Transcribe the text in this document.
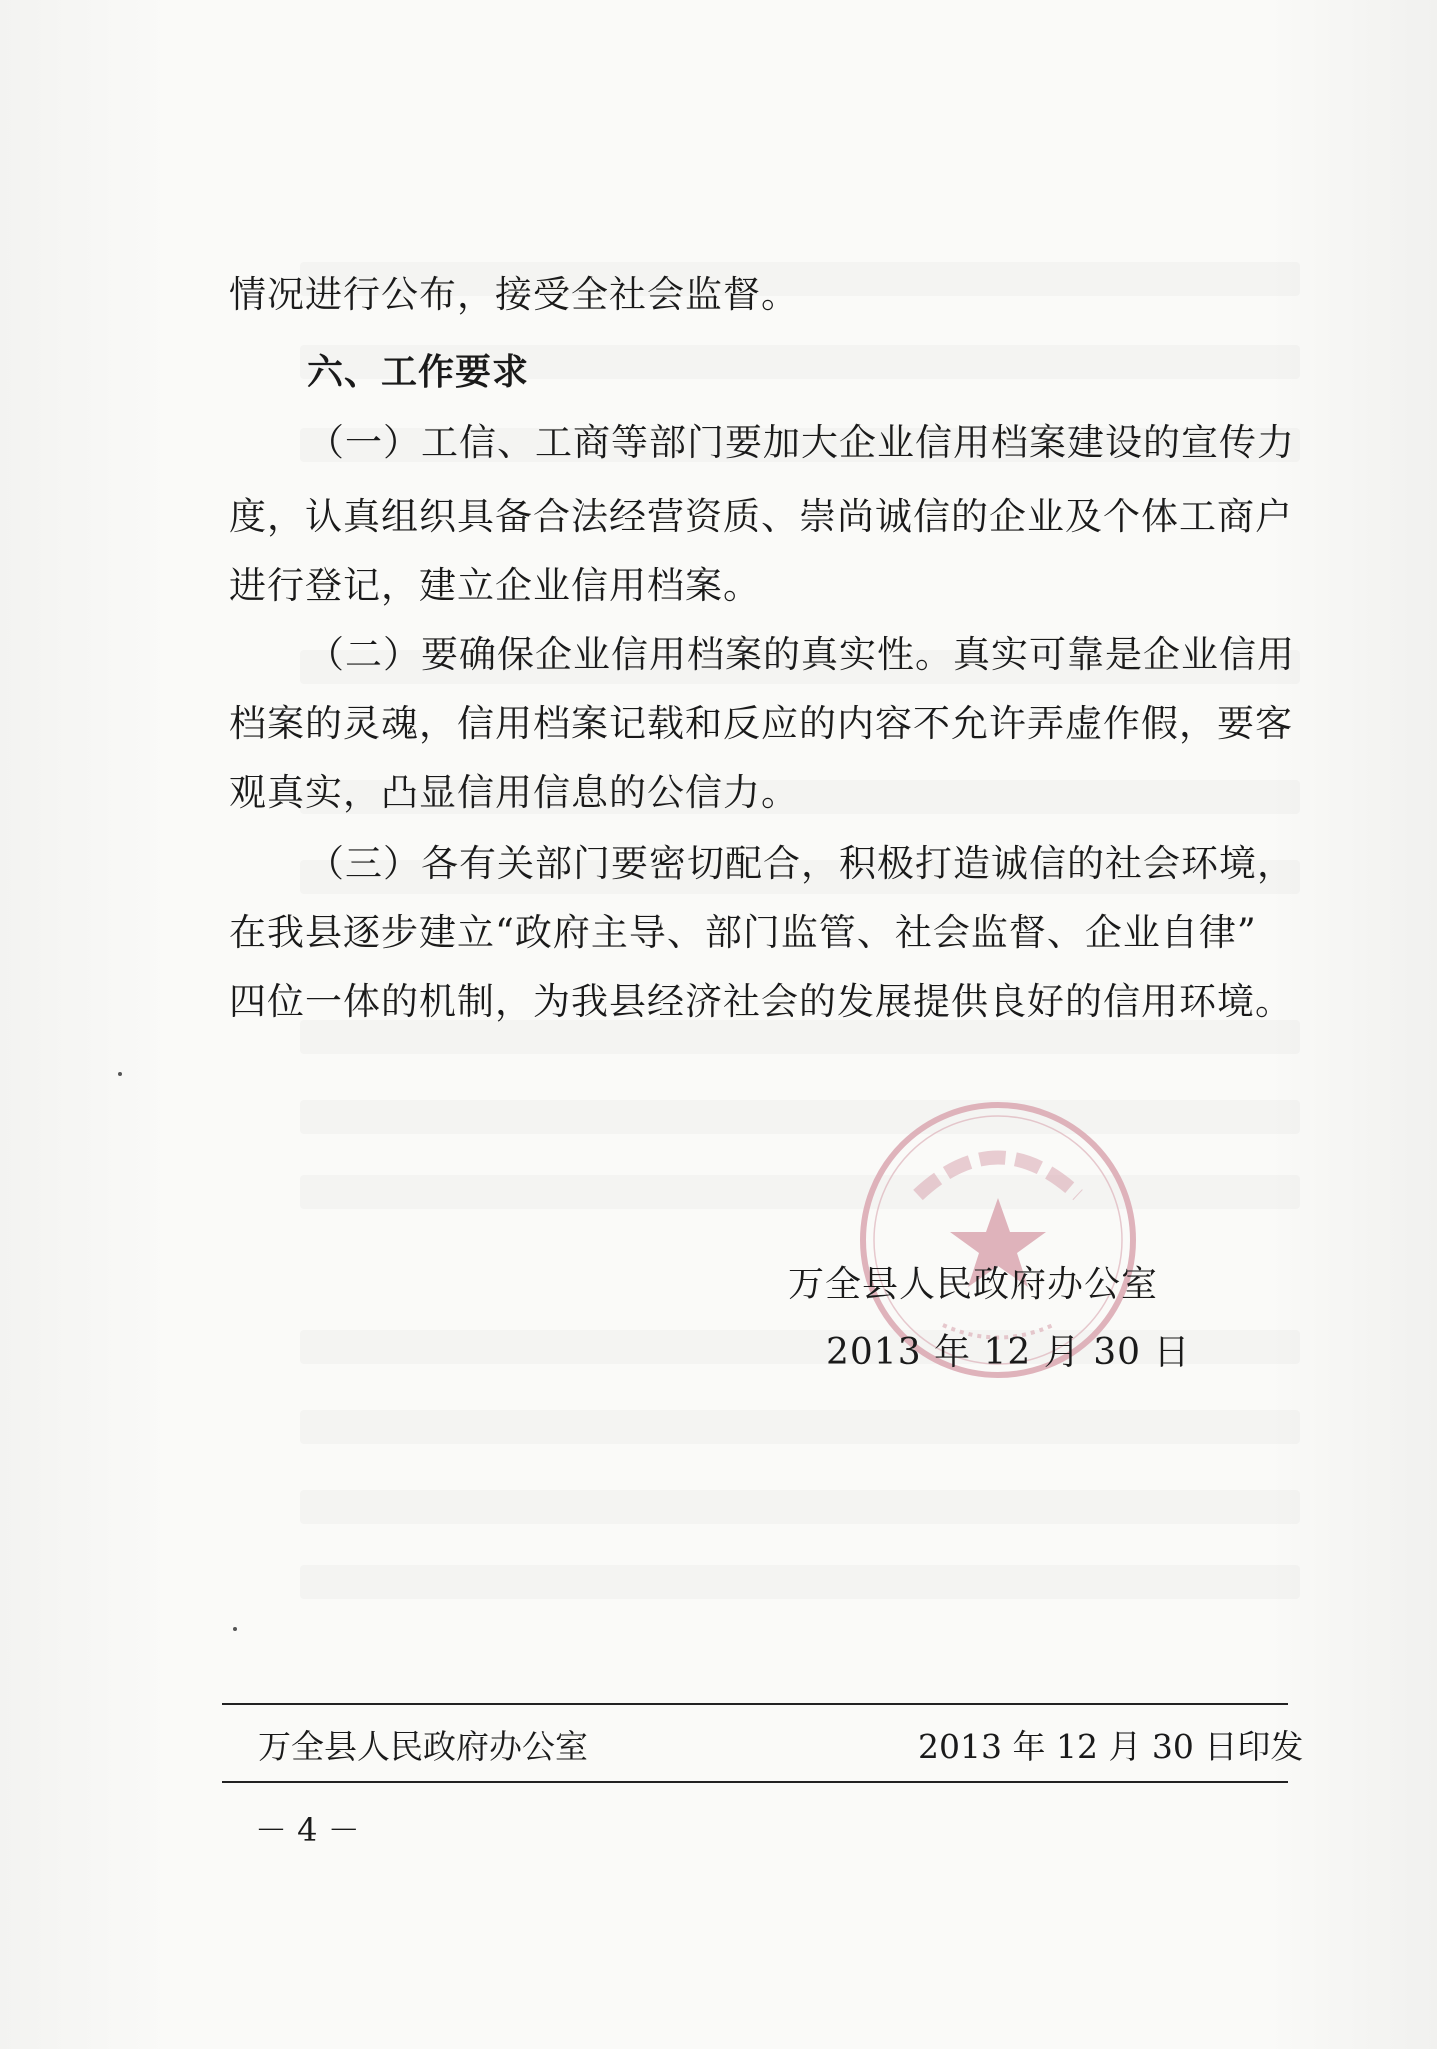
情况进行公布，接受全社会监督。
六、工作要求
（一）工信、工商等部门要加大企业信用档案建设的宣传力
度，认真组织具备合法经营资质、崇尚诚信的企业及个体工商户
进行登记，建立企业信用档案。
（二）要确保企业信用档案的真实性。真实可靠是企业信用
档案的灵魂，信用档案记载和反应的内容不允许弄虚作假，要客
观真实，凸显信用信息的公信力。
（三）各有关部门要密切配合，积极打造诚信的社会环境，
在我县逐步建立“政府主导、部门监管、社会监督、企业自律”
四位一体的机制，为我县经济社会的发展提供良好的信用环境。
万全县人民政府办公室
2013 年 12 月 30 日
万全县人民政府办公室	2013 年 12 月 30 日印发
－ 4 －
